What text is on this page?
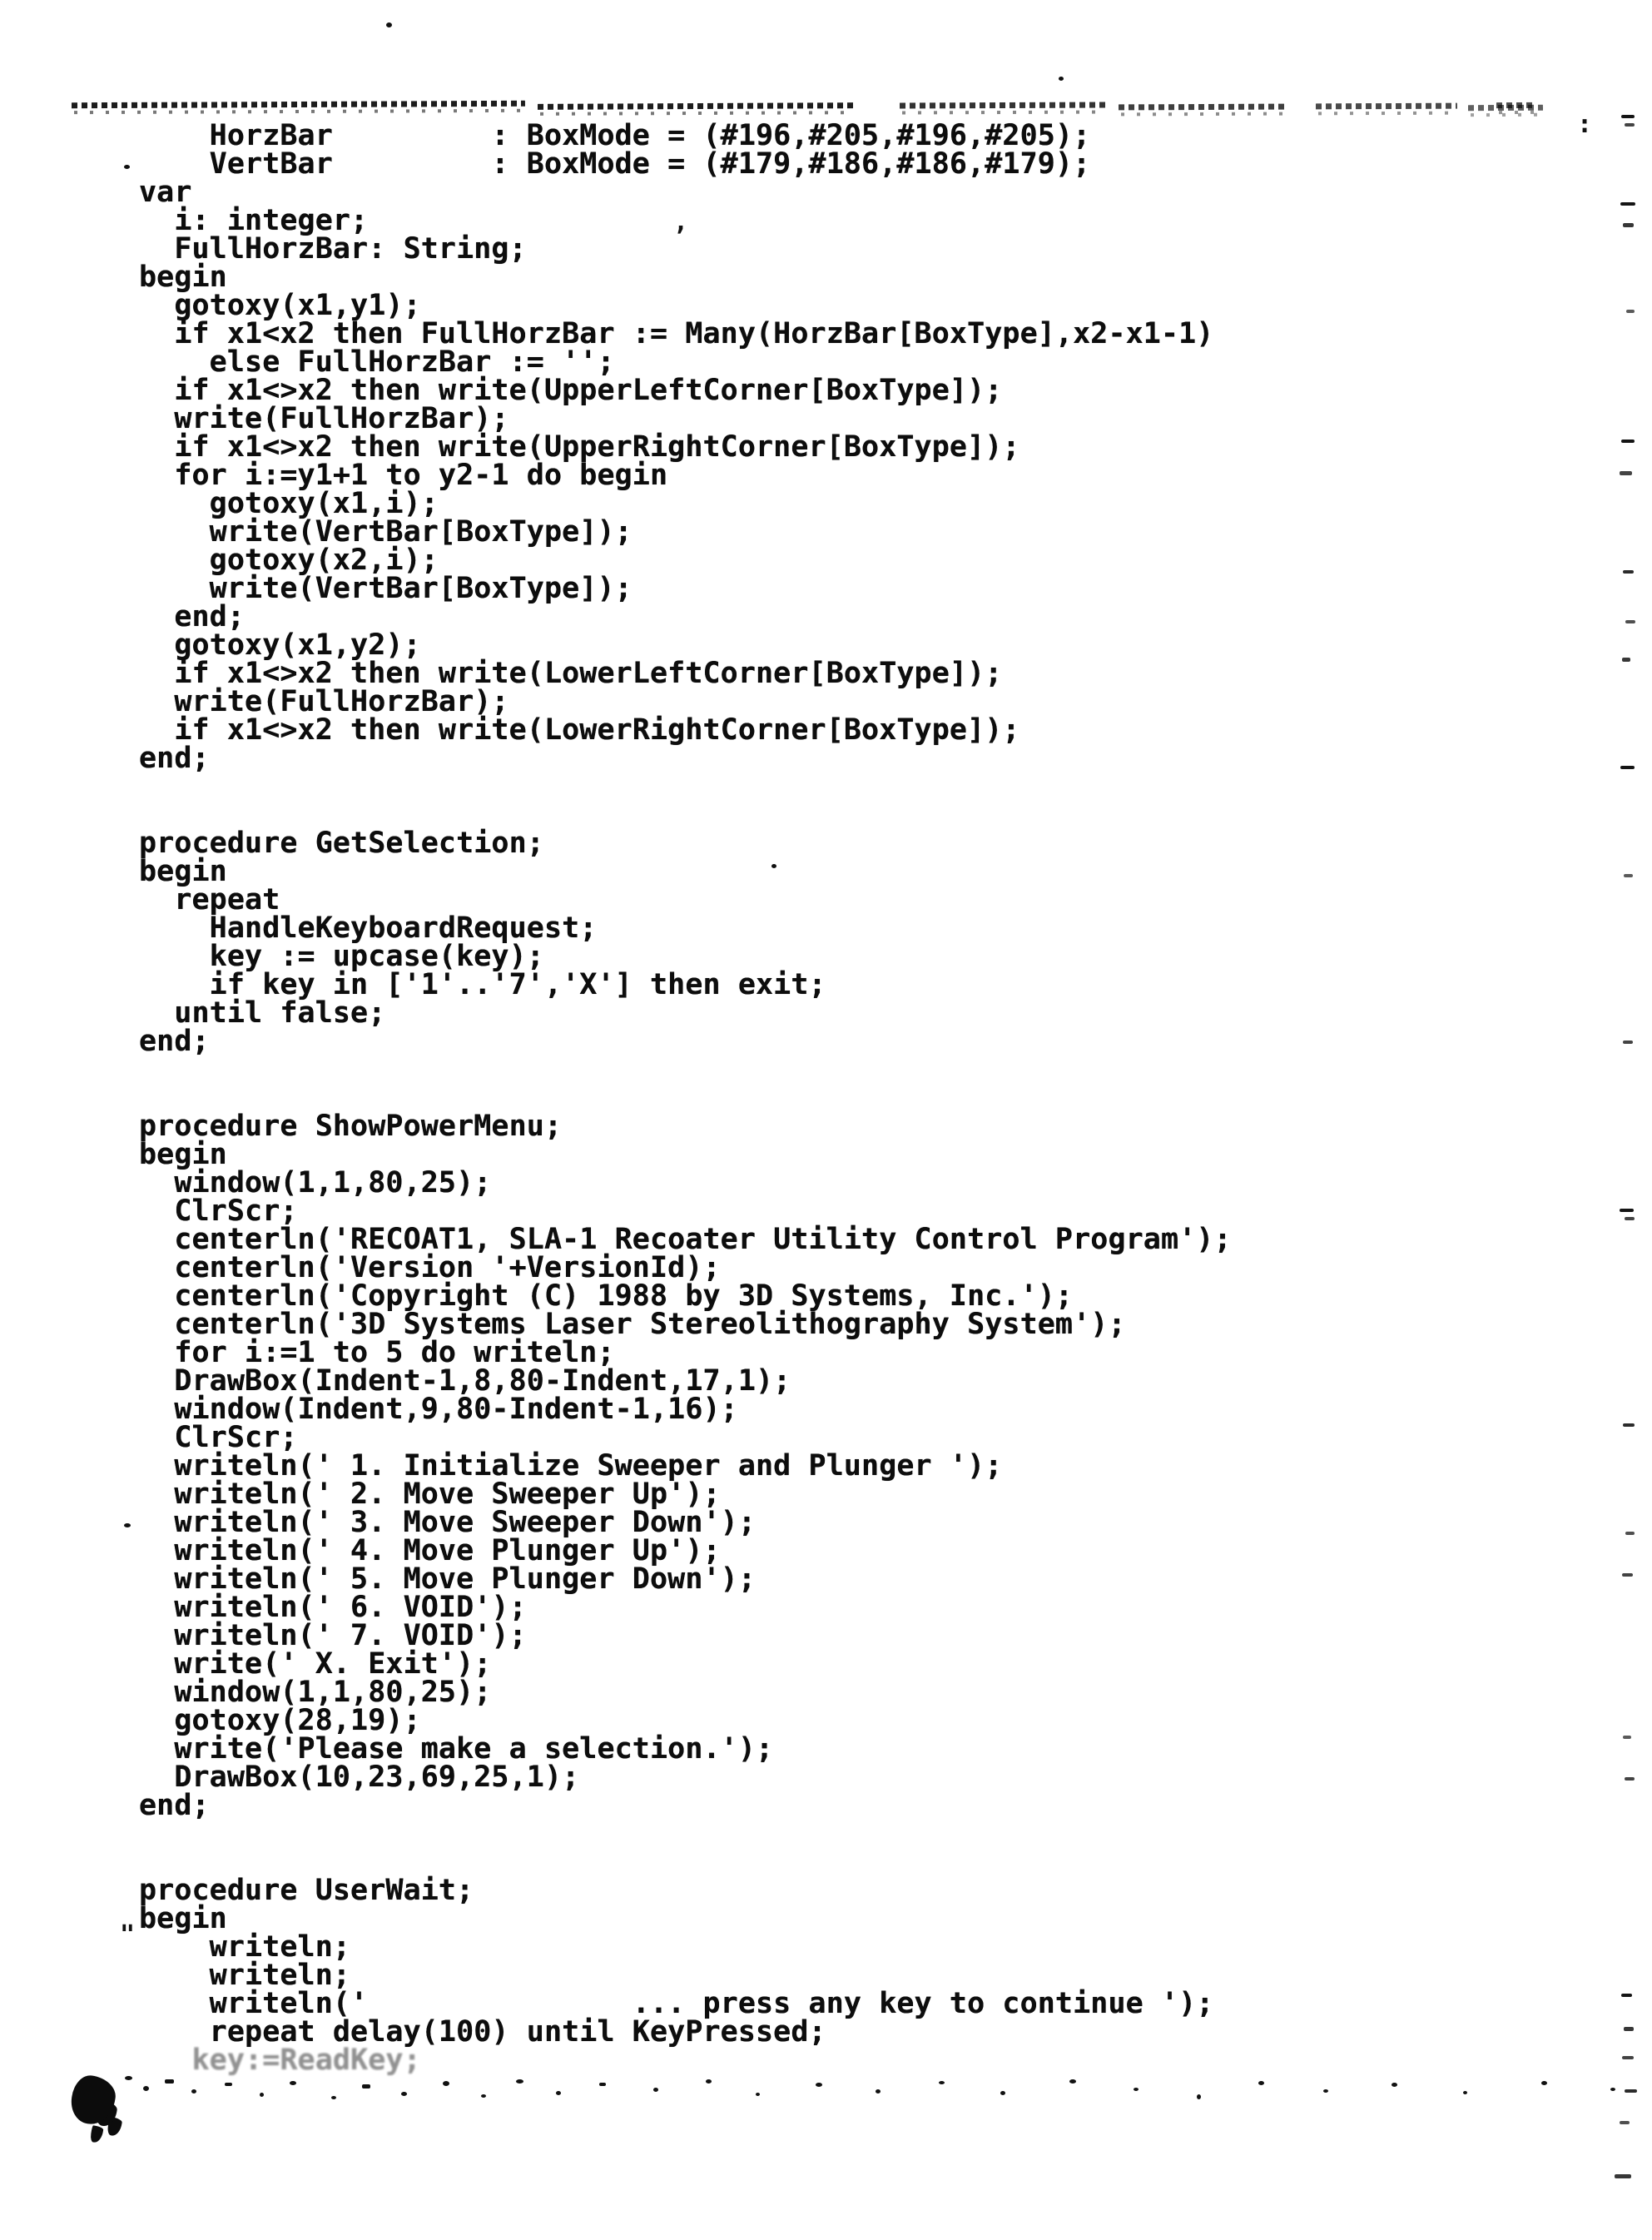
HorzBar         : BoxMode = (#196,#205,#196,#205);
VertBar         : BoxMode = (#179,#186,#186,#179);
var
i: integer;
FullHorzBar: String;
begin
gotoxy(x1,y1);
if x1<x2 then FullHorzBar := Many(HorzBar[BoxType],x2-x1-1)
else FullHorzBar := '';
if x1<>x2 then write(UpperLeftCorner[BoxType]);
write(FullHorzBar);
if x1<>x2 then write(UpperRightCorner[BoxType]);
for i:=y1+1 to y2-1 do begin
gotoxy(x1,i);
write(VertBar[BoxType]);
gotoxy(x2,i);
write(VertBar[BoxType]);
end;
gotoxy(x1,y2);
if x1<>x2 then write(LowerLeftCorner[BoxType]);
write(FullHorzBar);
if x1<>x2 then write(LowerRightCorner[BoxType]);
end;

procedure GetSelection;
begin
repeat
HandleKeyboardRequest;
key := upcase(key);
if key in ['1'..'7','X'] then exit;
until false;
end;

procedure ShowPowerMenu;
begin
window(1,1,80,25);
ClrScr;
centerln('RECOAT1, SLA-1 Recoater Utility Control Program');
centerln('Version '+VersionId);
centerln('Copyright (C) 1988 by 3D Systems, Inc.');
centerln('3D Systems Laser Stereolithography System');
for i:=1 to 5 do writeln;
DrawBox(Indent-1,8,80-Indent,17,1);
window(Indent,9,80-Indent-1,16);
ClrScr;
writeln(' 1. Initialize Sweeper and Plunger ');
writeln(' 2. Move Sweeper Up');
writeln(' 3. Move Sweeper Down');
writeln(' 4. Move Plunger Up');
writeln(' 5. Move Plunger Down');
writeln(' 6. VOID');
writeln(' 7. VOID');
write(' X. Exit');
window(1,1,80,25);
gotoxy(28,19);
write('Please make a selection.');
DrawBox(10,23,69,25,1);
end;

procedure UserWait;
begin
writeln;
writeln;
writeln('               ... press any key to continue ');
repeat delay(100) until KeyPressed;
key:=ReadKey;
:
’
"
